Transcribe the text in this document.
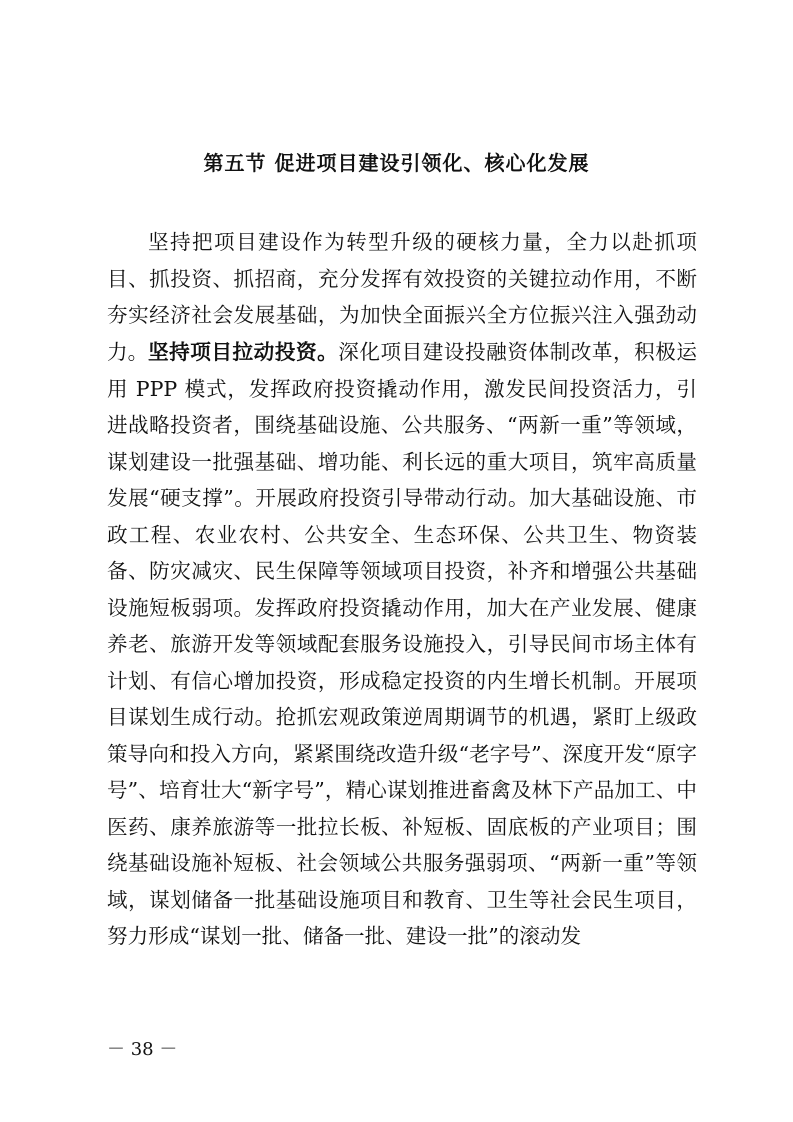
第五节 促进项目建设引领化、核心化发展

坚持把项目建设作为转型升级的硬核力量，全力以赴抓项目、抓投资、抓招商，充分发挥有效投资的关键拉动作用，不断夯实经济社会发展基础，为加快全面振兴全方位振兴注入强劲动力。 坚持项目拉动投资。深化项目建设投融资体制改革，积极运用 PPP 模式，发挥政府投资撬动作用，激发民间投资活力，引进战略投资者，围绕基础设施、公共服务、“两新一重”等领域，谋划建设一批强基础、增功能、利长远的重大项目，筑牢高质量发展“硬支撑”。开展政府投资引导带动行动。加大基础设施、市政工程、农业农村、公共安全、生态环保、公共卫生、物资装备、防灾减灾、民生保障等领域项目投资，补齐和增强公共基础设施短板弱项。发挥政府投资撬动作用，加大在产业发展、健康养老、旅游开发等领域配套服务设施投入，引导民间市场主体有计划、有信心增加投资，形成稳定投资的内生增长机制。开展项目谋划生成行动。抢抓宏观政策逆周期调节的机遇，紧盯上级政策导向和投入方向，紧紧围绕改造升级“老字号”、深度开发“原字号”、培育壮大“新字号”，精心谋划推进畜禽及林下产品加工、中医药、康养旅游等一批拉长板、补短板、固底板的产业项目；围绕基础设施补短板、社会领域公共服务强弱项、“两新一重”等领域，谋划储备一批基础设施项目和教育、卫生等社会民生项目，努力形成“谋划一批、储备一批、建设一批”的滚动发

－ 38 －
